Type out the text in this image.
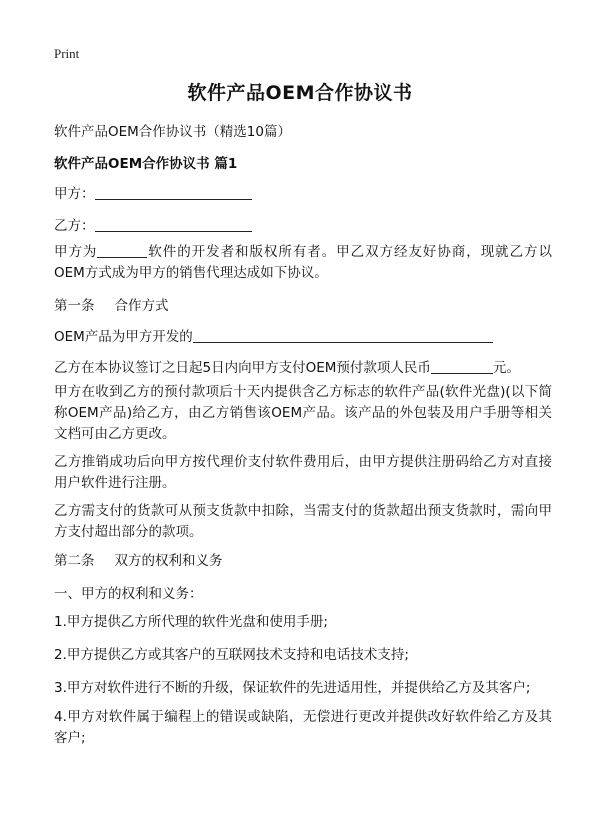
Print
软件产品OEM合作协议书
软件产品OEM合作协议书（精选10篇）
软件产品OEM合作协议书 篇1
甲方：
乙方：
甲方为	软件的开发者和版权所有者。甲乙双方经友好协商，现就乙方以OEM方式成为甲方的销售代理达成如下协议。
第一条 合作方式
OEM产品为甲方开发的
乙方在本协议签订之日起5日内向甲方支付OEM预付款项人民币	元。
甲方在收到乙方的预付款项后十天内提供含乙方标志的软件产品(软件光盘)(以下简称OEM产品)给乙方，由乙方销售该OEM产品。该产品的外包装及用户手册等相关文档可由乙方更改。
乙方推销成功后向甲方按代理价支付软件费用后，由甲方提供注册码给乙方对直接用户软件进行注册。
乙方需支付的货款可从预支货款中扣除，当需支付的货款超出预支货款时，需向甲方支付超出部分的款项。
第二条 双方的权利和义务
一、甲方的权利和义务：
1.甲方提供乙方所代理的软件光盘和使用手册;
2.甲方提供乙方或其客户的互联网技术支持和电话技术支持;
3.甲方对软件进行不断的升级，保证软件的先进适用性，并提供给乙方及其客户;
4.甲方对软件属于编程上的错误或缺陷，无偿进行更改并提供改好软件给乙方及其客户;
